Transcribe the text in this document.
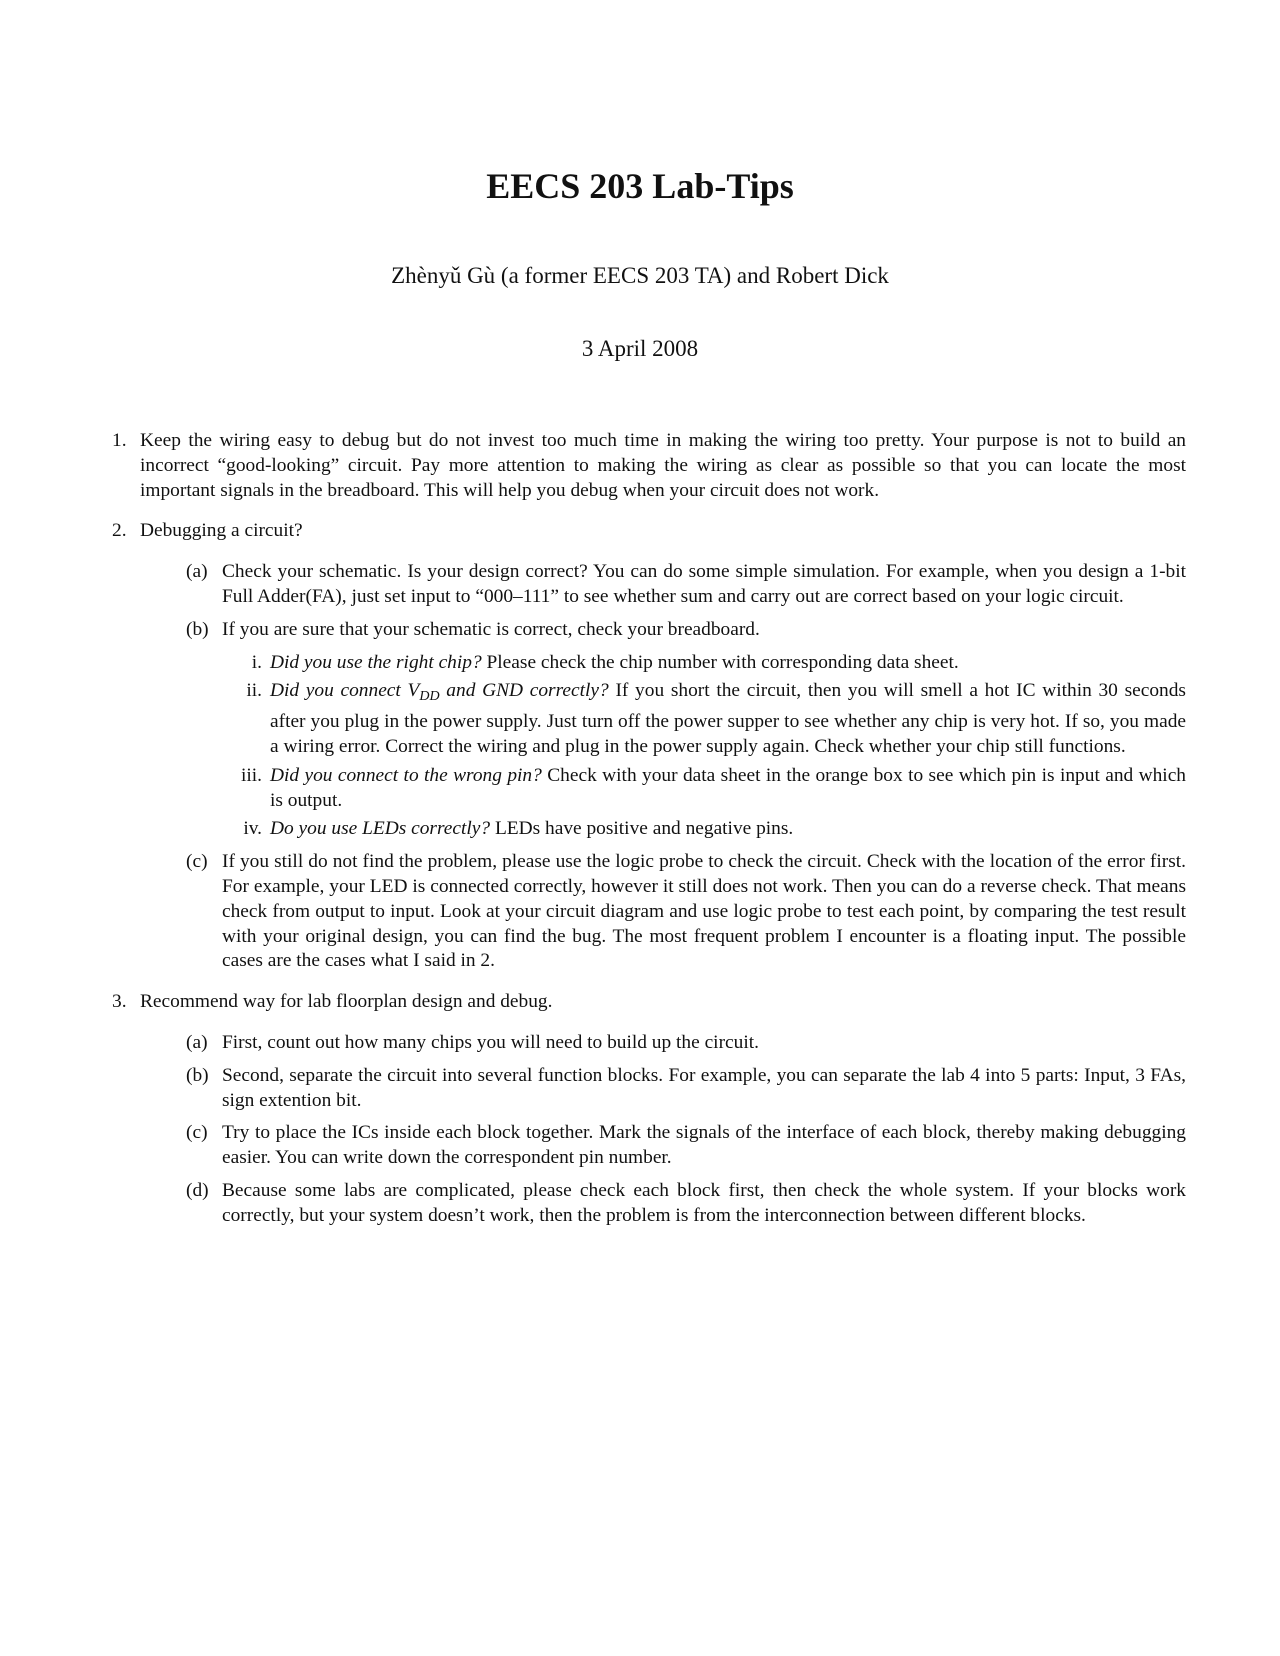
EECS 203 Lab-Tips
Zhènyǔ Gù (a former EECS 203 TA) and Robert Dick
3 April 2008
1. Keep the wiring easy to debug but do not invest too much time in making the wiring too pretty. Your purpose is not to build an incorrect “good-looking” circuit. Pay more attention to making the wiring as clear as possible so that you can locate the most important signals in the breadboard. This will help you debug when your circuit does not work.
2. Debugging a circuit?
(a) Check your schematic. Is your design correct? You can do some simple simulation. For example, when you design a 1-bit Full Adder(FA), just set input to “000–111” to see whether sum and carry out are correct based on your logic circuit.
(b) If you are sure that your schematic is correct, check your breadboard.
i. Did you use the right chip? Please check the chip number with corresponding data sheet.
ii. Did you connect $V_{DD}$ and GND correctly? If you short the circuit, then you will smell a hot IC within 30 seconds after you plug in the power supply. Just turn off the power supper to see whether any chip is very hot. If so, you made a wiring error. Correct the wiring and plug in the power supply again. Check whether your chip still functions.
iii. Did you connect to the wrong pin? Check with your data sheet in the orange box to see which pin is input and which is output.
iv. Do you use LEDs correctly? LEDs have positive and negative pins.
(c) If you still do not find the problem, please use the logic probe to check the circuit. Check with the location of the error first. For example, your LED is connected correctly, however it still does not work. Then you can do a reverse check. That means check from output to input. Look at your circuit diagram and use logic probe to test each point, by comparing the test result with your original design, you can find the bug. The most frequent problem I encounter is a floating input. The possible cases are the cases what I said in 2.
3. Recommend way for lab floorplan design and debug.
(a) First, count out how many chips you will need to build up the circuit.
(b) Second, separate the circuit into several function blocks. For example, you can separate the lab 4 into 5 parts: Input, 3 FAs, sign extention bit.
(c) Try to place the ICs inside each block together. Mark the signals of the interface of each block, thereby making debugging easier. You can write down the correspondent pin number.
(d) Because some labs are complicated, please check each block first, then check the whole system. If your blocks work correctly, but your system doesn’t work, then the problem is from the interconnection between different blocks.
